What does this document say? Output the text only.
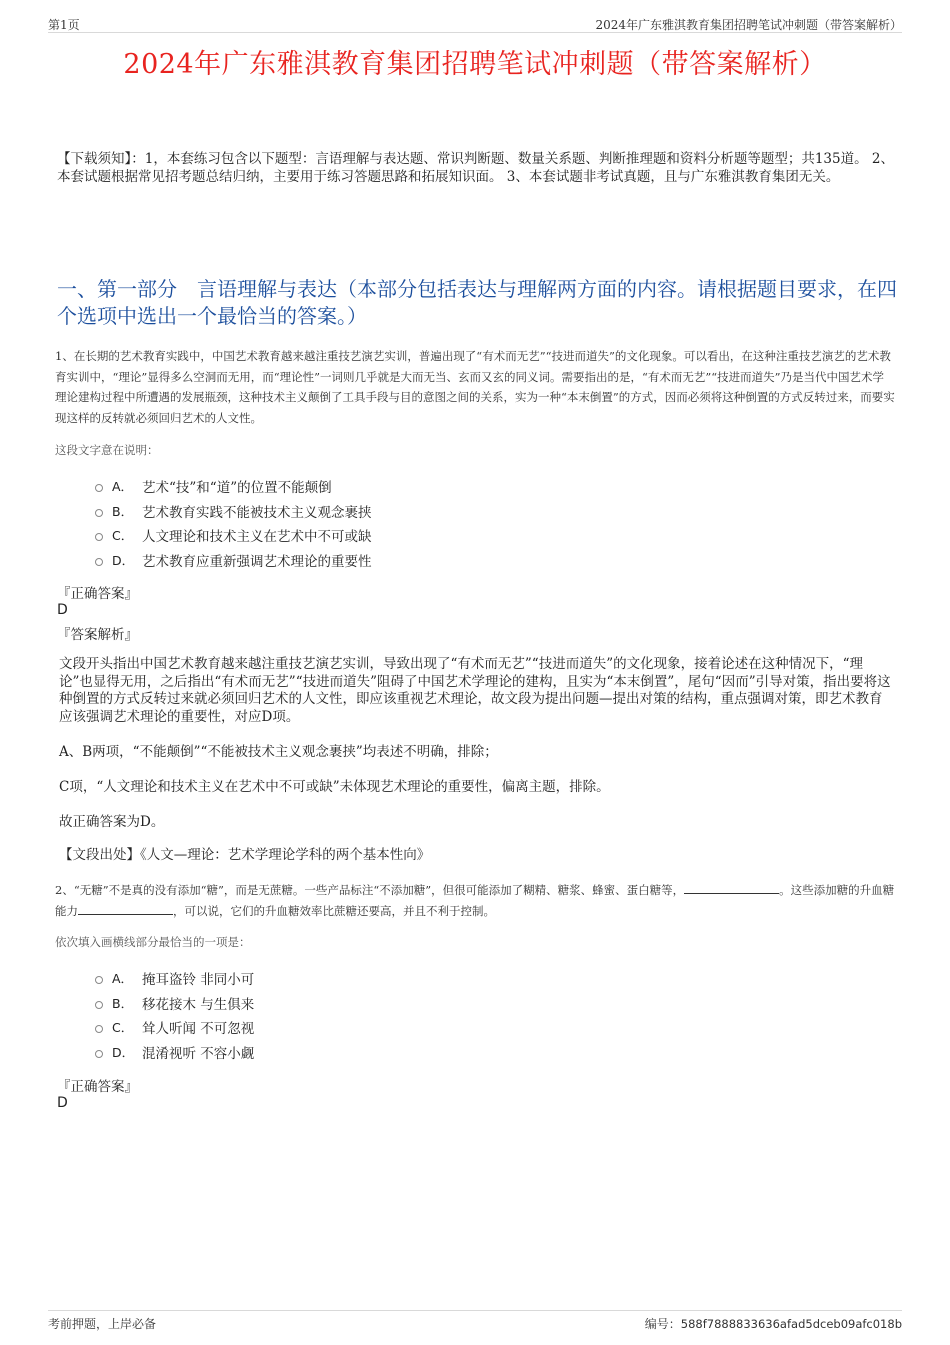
第1页	2024年广东雅淇教育集团招聘笔试冲刺题（带答案解析）
2024年广东雅淇教育集团招聘笔试冲刺题（带答案解析）
【下载须知】：1，本套练习包含以下题型：言语理解与表达题、常识判断题、数量关系题、判断推理题和资料分析题等题型；共135道。 2、本套试题根据常见招考题总结归纳，主要用于练习答题思路和拓展知识面。 3、本套试题非考试真题，且与广东雅淇教育集团无关。
一、第一部分　言语理解与表达（本部分包括表达与理解两方面的内容。请根据题目要求，在四个选项中选出一个最恰当的答案。）
1、在长期的艺术教育实践中，中国艺术教育越来越注重技艺演艺实训，普遍出现了“有术而无艺”“技进而道失”的文化现象。可以看出，在这种注重技艺演艺的艺术教育实训中，“理论”显得多么空洞而无用，而“理论性”一词则几乎就是大而无当、玄而又玄的同义词。需要指出的是，“有术而无艺”“技进而道失”乃是当代中国艺术学理论建构过程中所遭遇的发展瓶颈，这种技术主义颠倒了工具手段与目的意图之间的关系，实为一种“本末倒置”的方式，因而必须将这种倒置的方式反转过来，而要实现这样的反转就必须回归艺术的人文性。
这段文字意在说明：
A． 艺术“技”和“道”的位置不能颠倒
B． 艺术教育实践不能被技术主义观念裹挟
C． 人文理论和技术主义在艺术中不可或缺
D． 艺术教育应重新强调艺术理论的重要性
『正确答案』
D
『答案解析』
文段开头指出中国艺术教育越来越注重技艺演艺实训，导致出现了“有术而无艺”“技进而道失”的文化现象，接着论述在这种情况下，“理论”也显得无用，之后指出“有术而无艺”“技进而道失”阻碍了中国艺术学理论的建构，且实为“本末倒置”，尾句“因而”引导对策，指出要将这种倒置的方式反转过来就必须回归艺术的人文性，即应该重视艺术理论，故文段为提出问题—提出对策的结构，重点强调对策，即艺术教育应该强调艺术理论的重要性，对应D项。
A、B两项，“不能颠倒”“不能被技术主义观念裹挟”均表述不明确，排除；
C项，“人文理论和技术主义在艺术中不可或缺”未体现艺术理论的重要性，偏离主题，排除。
故正确答案为D。
【文段出处】《人文—理论：艺术学理论学科的两个基本性向》
2、“无糖”不是真的没有添加“糖”，而是无蔗糖。一些产品标注“不添加糖”，但很可能添加了糊精、糖浆、蜂蜜、蛋白糖等，	。这些添加糖的升血糖能力	，可以说，它们的升血糖效率比蔗糖还要高，并且不利于控制。
依次填入画横线部分最恰当的一项是：
A． 掩耳盗铃 非同小可
B． 移花接木 与生俱来
C． 耸人听闻 不可忽视
D． 混淆视听 不容小觑
『正确答案』
D
考前押题，上岸必备	编号：588f7888833636afad5dceb09afc018b
